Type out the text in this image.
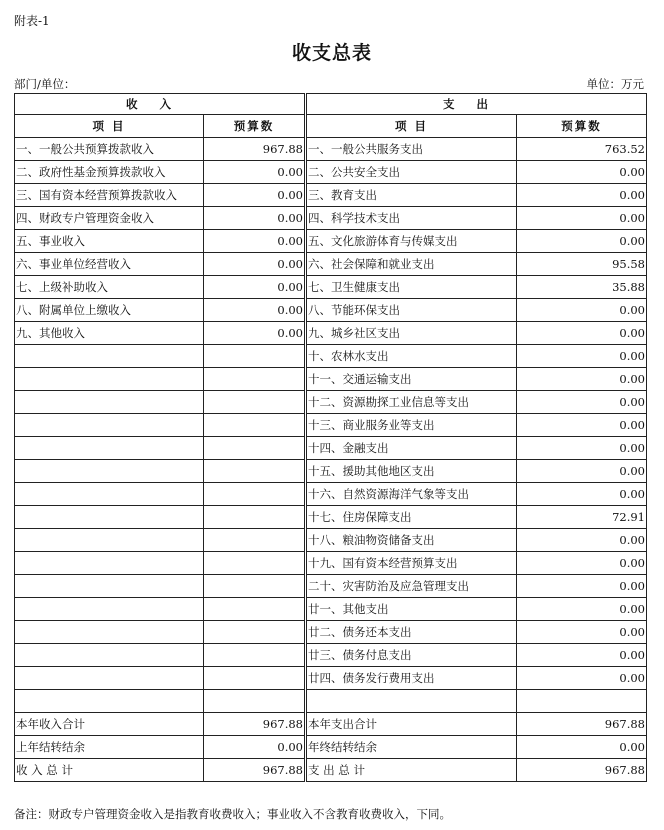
附表-1
收支总表
部门/单位：	单位：万元
收入			支出	
项 目	预算数		项 目	预算数
一、一般公共预算拨款收入	967.88		一、一般公共服务支出	763.52
二、政府性基金预算拨款收入	0.00		二、公共安全支出	0.00
三、国有资本经营预算拨款收入	0.00		三、教育支出	0.00
四、财政专户管理资金收入	0.00		四、科学技术支出	0.00
五、事业收入	0.00		五、文化旅游体育与传媒支出	0.00
六、事业单位经营收入	0.00		六、社会保障和就业支出	95.58
七、上级补助收入	0.00		七、卫生健康支出	35.88
八、附属单位上缴收入	0.00		八、节能环保支出	0.00
九、其他收入	0.00		九、城乡社区支出	0.00
			十、农林水支出	0.00
			十一、交通运输支出	0.00
			十二、资源勘探工业信息等支出	0.00
			十三、商业服务业等支出	0.00
			十四、金融支出	0.00
			十五、援助其他地区支出	0.00
			十六、自然资源海洋气象等支出	0.00
			十七、住房保障支出	72.91
			十八、粮油物资储备支出	0.00
			十九、国有资本经营预算支出	0.00
			二十、灾害防治及应急管理支出	0.00
			廿一、其他支出	0.00
			廿二、债务还本支出	0.00
			廿三、债务付息支出	0.00
			廿四、债务发行费用支出	0.00

本年收入合计	967.88		本年支出合计	967.88
上年结转结余	0.00		年终结转结余	0.00
收 入 总 计	967.88		支 出 总 计	967.88
备注：财政专户管理资金收入是指教育收费收入；事业收入不含教育收费收入，下同。
